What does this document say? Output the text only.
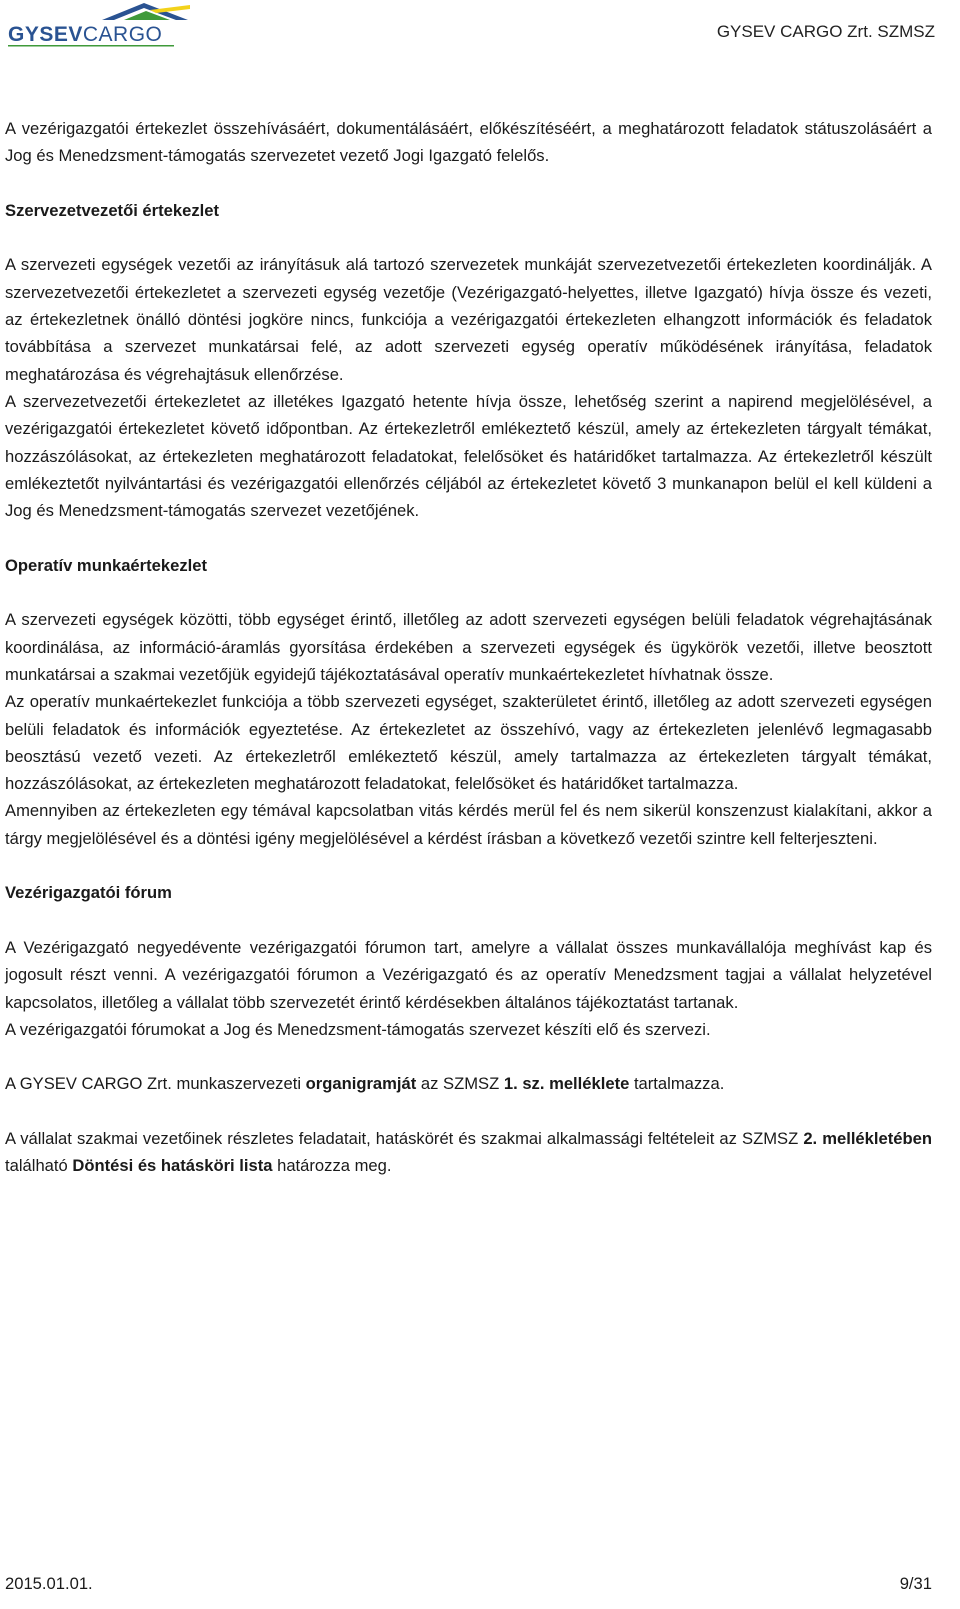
GYSEVCARGO	GYSEV CARGO Zrt. SZMSZ

A vezérigazgatói értekezlet összehívásáért, dokumentálásáért, előkészítéséért, a meghatározott feladatok státuszolásáért a Jog és Menedzsment-támogatás szervezetet vezető Jogi Igazgató felelős.

Szervezetvezetői értekezlet

A szervezeti egységek vezetői az irányításuk alá tartozó szervezetek munkáját szervezetvezetői értekezleten koordinálják. A szervezetvezetői értekezletet a szervezeti egység vezetője (Vezérigazgató-helyettes, illetve Igazgató) hívja össze és vezeti, az értekezletnek önálló döntési jogköre nincs, funkciója a vezérigazgatói értekezleten elhangzott információk és feladatok továbbítása a szervezet munkatársai felé, az adott szervezeti egység operatív működésének irányítása, feladatok meghatározása és végrehajtásuk ellenőrzése.

A szervezetvezetői értekezletet az illetékes Igazgató hetente hívja össze, lehetőség szerint a napirend megjelölésével, a vezérigazgatói értekezletet követő időpontban. Az értekezletről emlékeztető készül, amely az értekezleten tárgyalt témákat, hozzászólásokat, az értekezleten meghatározott feladatokat, felelősöket és határidőket tartalmazza. Az értekezletről készült emlékeztetőt nyilvántartási és vezérigazgatói ellenőrzés céljából az értekezletet követő 3 munkanapon belül el kell küldeni a Jog és Menedzsment-támogatás szervezet vezetőjének.

Operatív munkaértekezlet

A szervezeti egységek közötti, több egységet érintő, illetőleg az adott szervezeti egységen belüli feladatok végrehajtásának koordinálása, az információ-áramlás gyorsítása érdekében a szervezeti egységek és ügykörök vezetői, illetve beosztott munkatársai a szakmai vezetőjük egyidejű tájékoztatásával operatív munkaértekezletet hívhatnak össze.

Az operatív munkaértekezlet funkciója a több szervezeti egységet, szakterületet érintő, illetőleg az adott szervezeti egységen belüli feladatok és információk egyeztetése. Az értekezletet az összehívó, vagy az értekezleten jelenlévő legmagasabb beosztású vezető vezeti. Az értekezletről emlékeztető készül, amely tartalmazza az értekezleten tárgyalt témákat, hozzászólásokat, az értekezleten meghatározott feladatokat, felelősöket és határidőket tartalmazza.

Amennyiben az értekezleten egy témával kapcsolatban vitás kérdés merül fel és nem sikerül konszenzust kialakítani, akkor a tárgy megjelölésével és a döntési igény megjelölésével a kérdést írásban a következő vezetői szintre kell felterjeszteni.

Vezérigazgatói fórum

A Vezérigazgató negyedévente vezérigazgatói fórumon tart, amelyre a vállalat összes munkavállalója meghívást kap és jogosult részt venni. A vezérigazgatói fórumon a Vezérigazgató és az operatív Menedzsment tagjai a vállalat helyzetével kapcsolatos, illetőleg a vállalat több szervezetét érintő kérdésekben általános tájékoztatást tartanak.

A vezérigazgatói fórumokat a Jog és Menedzsment-támogatás szervezet készíti elő és szervezi.

A GYSEV CARGO Zrt. munkaszervezeti organigramját az SZMSZ 1. sz. melléklete tartalmazza.

A vállalat szakmai vezetőinek részletes feladatait, hatáskörét és szakmai alkalmassági feltételeit az SZMSZ 2. mellékletében található Döntési és hatásköri lista határozza meg.

2015.01.01.	9/31
